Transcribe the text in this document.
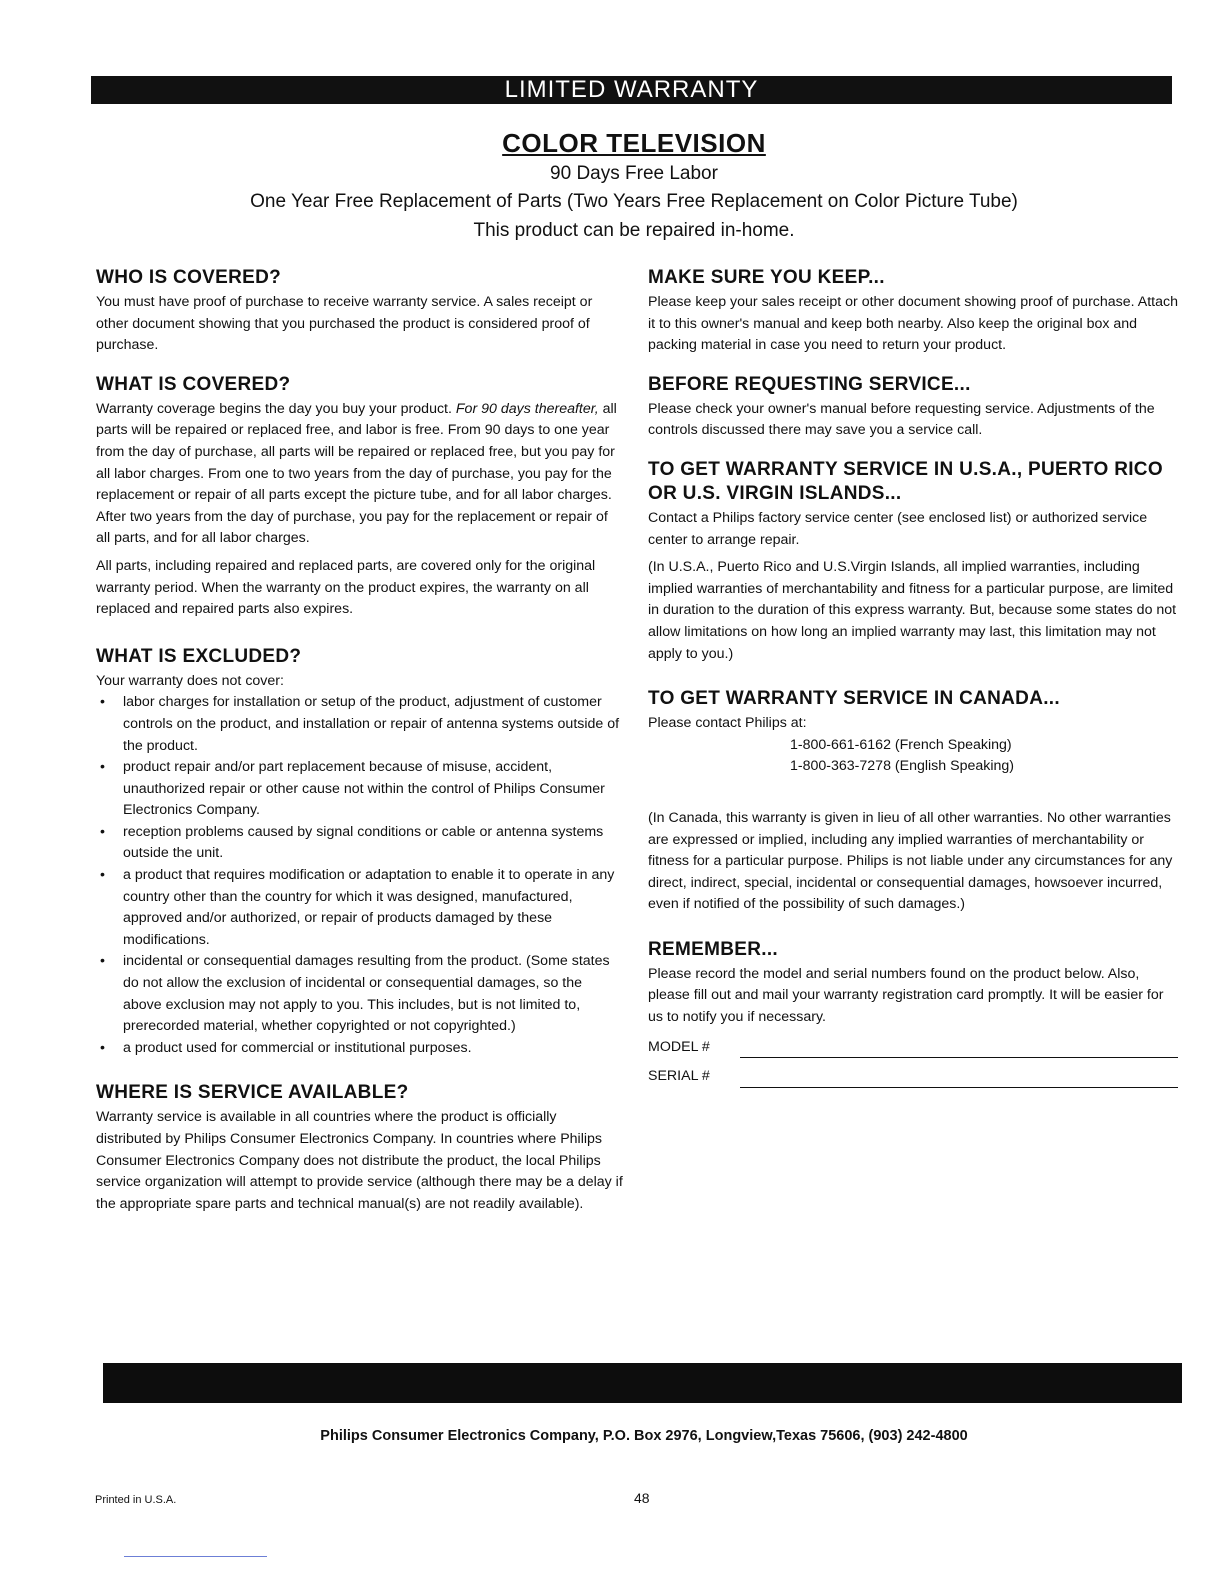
LIMITED WARRANTY
COLOR TELEVISION
90 Days Free Labor
One Year Free Replacement of Parts (Two Years Free Replacement on Color Picture Tube)
This product can be repaired in-home.
WHO IS COVERED?

You must have proof of purchase to receive warranty service. A sales receipt or other document showing that you purchased the product is considered proof of purchase.

WHAT IS COVERED?

Warranty coverage begins the day you buy your product. For 90 days thereafter, all parts will be repaired or replaced free, and labor is free. From 90 days to one year from the day of purchase, all parts will be repaired or replaced free, but you pay for all labor charges. From one to two years from the day of purchase, you pay for the replacement or repair of all parts except the picture tube, and for all labor charges. After two years from the day of purchase, you pay for the replacement or repair of all parts, and for all labor charges.

All parts, including repaired and replaced parts, are covered only for the original warranty period. When the warranty on the product expires, the warranty on all replaced and repaired parts also expires.

WHAT IS EXCLUDED?

Your warranty does not cover:

• labor charges for installation or setup of the product, adjustment of customer controls on the product, and installation or repair of antenna systems outside of the product.
• product repair and/or part replacement because of misuse, accident, unauthorized repair or other cause not within the control of Philips Consumer Electronics Company.
• reception problems caused by signal conditions or cable or antenna systems outside the unit.
• a product that requires modification or adaptation to enable it to operate in any country other than the country for which it was designed, manufactured, approved and/or authorized, or repair of products damaged by these modifications.
• incidental or consequential damages resulting from the product. (Some states do not allow the exclusion of incidental or consequential damages, so the above exclusion may not apply to you. This includes, but is not limited to, prerecorded material, whether copyrighted or not copyrighted.)
• a product used for commercial or institutional purposes.
WHERE IS SERVICE AVAILABLE?

Warranty service is available in all countries where the product is officially distributed by Philips Consumer Electronics Company. In countries where Philips Consumer Electronics Company does not distribute the product, the local Philips service organization will attempt to provide service (although there may be a delay if the appropriate spare parts and technical manual(s) are not readily available).

MAKE SURE YOU KEEP...

Please keep your sales receipt or other document showing proof of purchase. Attach it to this owner's manual and keep both nearby. Also keep the original box and packing material in case you need to return your product.

BEFORE REQUESTING SERVICE...

Please check your owner's manual before requesting service. Adjustments of the controls discussed there may save you a service call.

TO GET WARRANTY SERVICE IN U.S.A., PUERTO RICO OR U.S. VIRGIN ISLANDS...

Contact a Philips factory service center (see enclosed list) or authorized service center to arrange repair.

(In U.S.A., Puerto Rico and U.S.Virgin Islands, all implied warranties, including implied warranties of merchantability and fitness for a particular purpose, are limited in duration to the duration of this express warranty. But, because some states do not allow limitations on how long an implied warranty may last, this limitation may not apply to you.)

TO GET WARRANTY SERVICE IN CANADA...

Please contact Philips at:

1-800-661-6162 (French Speaking)

1-800-363-7278 (English Speaking)

(In Canada, this warranty is given in lieu of all other warranties. No other warranties are expressed or implied, including any implied warranties of merchantability or fitness for a particular purpose. Philips is not liable under any circumstances for any direct, indirect, special, incidental or consequential damages, howsoever incurred, even if notified of the possibility of such damages.)

REMEMBER...

Please record the model and serial numbers found on the product below. Also, please fill out and mail your warranty registration card promptly. It will be easier for us to notify you if necessary.

MODEL #
SERIAL #
Philips Consumer Electronics Company, P.O. Box 2976, Longview,Texas 75606, (903) 242-4800
Printed in U.S.A.	48
